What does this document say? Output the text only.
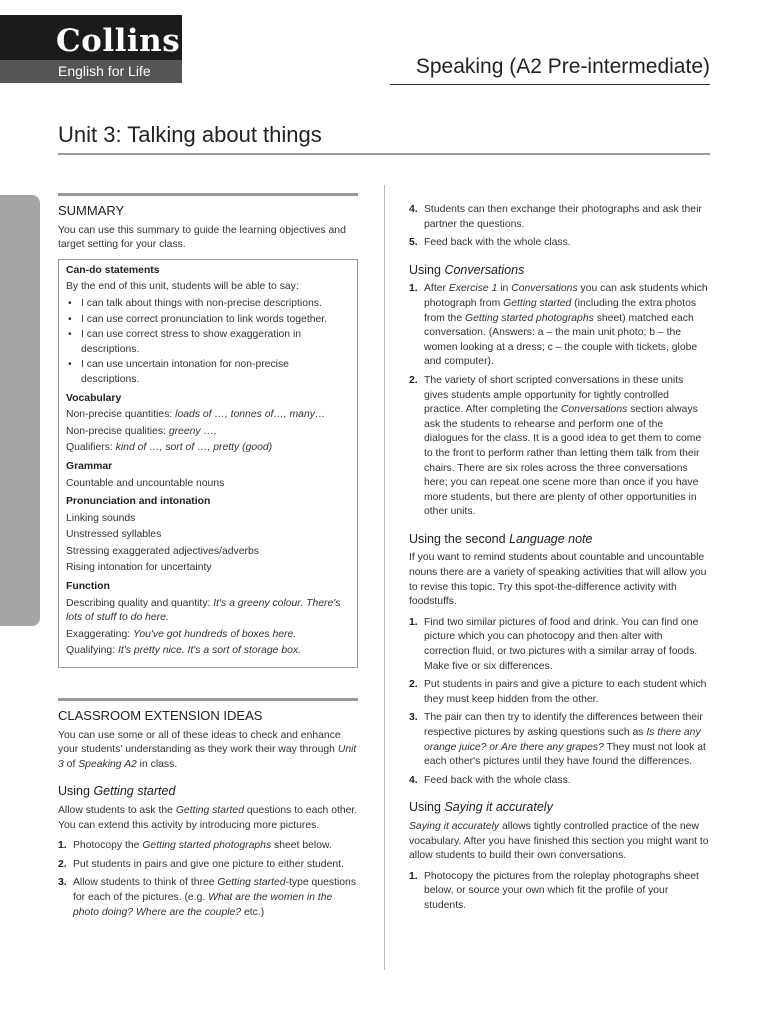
Collins
English for Life	Speaking (A2 Pre-intermediate)
Unit 3: Talking about things
SUMMARY

You can use this summary to guide the learning objectives and target setting for your class.

Can-do statements
By the end of this unit, students will be able to say:
• I can talk about things with non-precise descriptions.
• I can use correct pronunciation to link words together.
• I can use correct stress to show exaggeration in descriptions.
• I can use uncertain intonation for non-precise descriptions.
Vocabulary
Non-precise quantities: loads of …, tonnes of…, many…
Non-precise qualities: greeny …,
Qualifiers: kind of …, sort of …, pretty (good)
Grammar
Countable and uncountable nouns
Pronunciation and intonation
Linking sounds
Unstressed syllables
Stressing exaggerated adjectives/adverbs
Rising intonation for uncertainty
Function
Describing quality and quantity: It's a greeny colour. There's lots of stuff to do here.
Exaggerating: You've got hundreds of boxes here.
Qualifying: It's pretty nice. It's a sort of storage box.
CLASSROOM EXTENSION IDEAS

You can use some or all of these ideas to check and enhance your students' understanding as they work their way through Unit 3 of Speaking A2 in class.

Using Getting started

Allow students to ask the Getting started questions to each other. You can extend this activity by introducing more pictures.

1. Photocopy the Getting started photographs sheet below.
2. Put students in pairs and give one picture to either student.
3. Allow students to think of three Getting started-type questions for each of the pictures. (e.g. What are the women in the photo doing? Where are the couple? etc.)
4. Students can then exchange their photographs and ask their partner the questions.
5. Feed back with the whole class.
Using Conversations
1. After Exercise 1 in Conversations you can ask students which photograph from Getting started (including the extra photos from the Getting started photographs sheet) matched each conversation. (Answers: a – the main unit photo; b – the women looking at a dress; c – the couple with tickets, globe and computer).
2. The variety of short scripted conversations in these units gives students ample opportunity for tightly controlled practice. After completing the Conversations section always ask the students to rehearse and perform one of the dialogues for the class. It is a good idea to get them to come to the front to perform rather than letting them talk from their chairs. There are six roles across the three conversations here; you can repeat one scene more than once if you have more students, but there are plenty of other opportunities in other units.
Using the second Language note

If you want to remind students about countable and uncountable nouns there are a variety of speaking activities that will allow you to revise this topic. Try this spot-the-difference activity with foodstuffs.

1. Find two similar pictures of food and drink. You can find one picture which you can photocopy and then alter with correction fluid, or two pictures with a similar array of foods. Make five or six differences.
2. Put students in pairs and give a picture to each student which they must keep hidden from the other.
3. The pair can then try to identify the differences between their respective pictures by asking questions such as Is there any orange juice? or Are there any grapes? They must not look at each other's pictures until they have found the differences.
4. Feed back with the whole class.
Using Saying it accurately

Saying it accurately allows tightly controlled practice of the new vocabulary. After you have finished this section you might want to allow students to build their own conversations.

1. Photocopy the pictures from the roleplay photographs sheet below, or source your own which fit the profile of your students.
